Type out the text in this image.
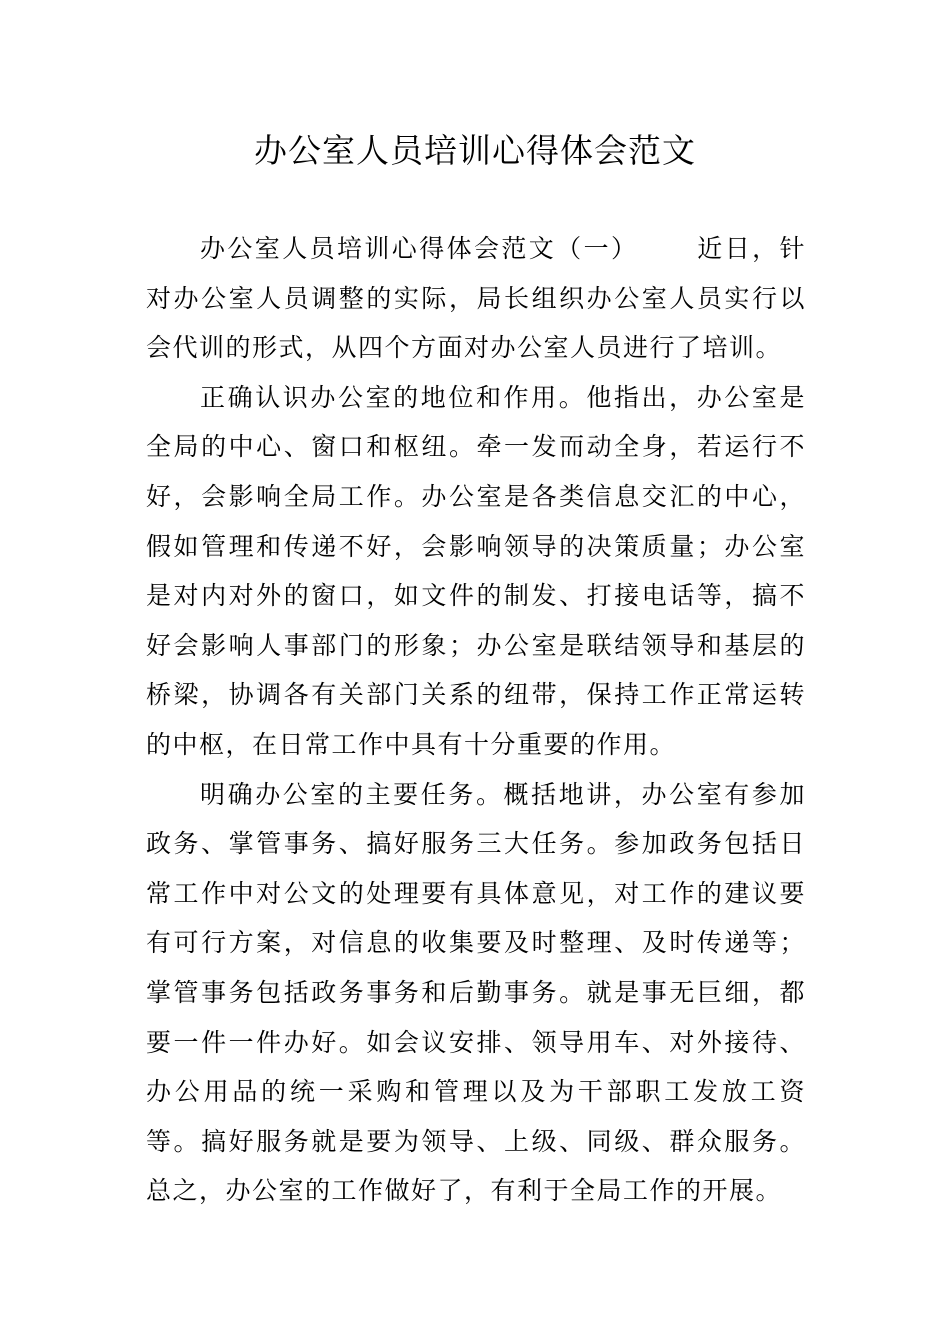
办公室人员培训心得体会范文

办公室人员培训心得体会范文（一） 近日，针对办公室人员调整的实际，局长组织办公室人员实行以会代训的形式，从四个方面对办公室人员进行了培训。

正确认识办公室的地位和作用。他指出，办公室是全局的中心、窗口和枢纽。牵一发而动全身，若运行不好，会影响全局工作。办公室是各类信息交汇的中心，假如管理和传递不好，会影响领导的决策质量；办公室是对内对外的窗口，如文件的制发、打接电话等，搞不好会影响人事部门的形象；办公室是联结领导和基层的桥梁，协调各有关部门关系的纽带，保持工作正常运转的中枢，在日常工作中具有十分重要的作用。

明确办公室的主要任务。概括地讲，办公室有参加政务、掌管事务、搞好服务三大任务。参加政务包括日常工作中对公文的处理要有具体意见，对工作的建议要有可行方案，对信息的收集要及时整理、及时传递等；掌管事务包括政务事务和后勤事务。就是事无巨细，都要一件一件办好。如会议安排、领导用车、对外接待、办公用品的统一采购和管理以及为干部职工发放工资等。搞好服务就是要为领导、上级、同级、群众服务。总之，办公室的工作做好了，有利于全局工作的开展。
